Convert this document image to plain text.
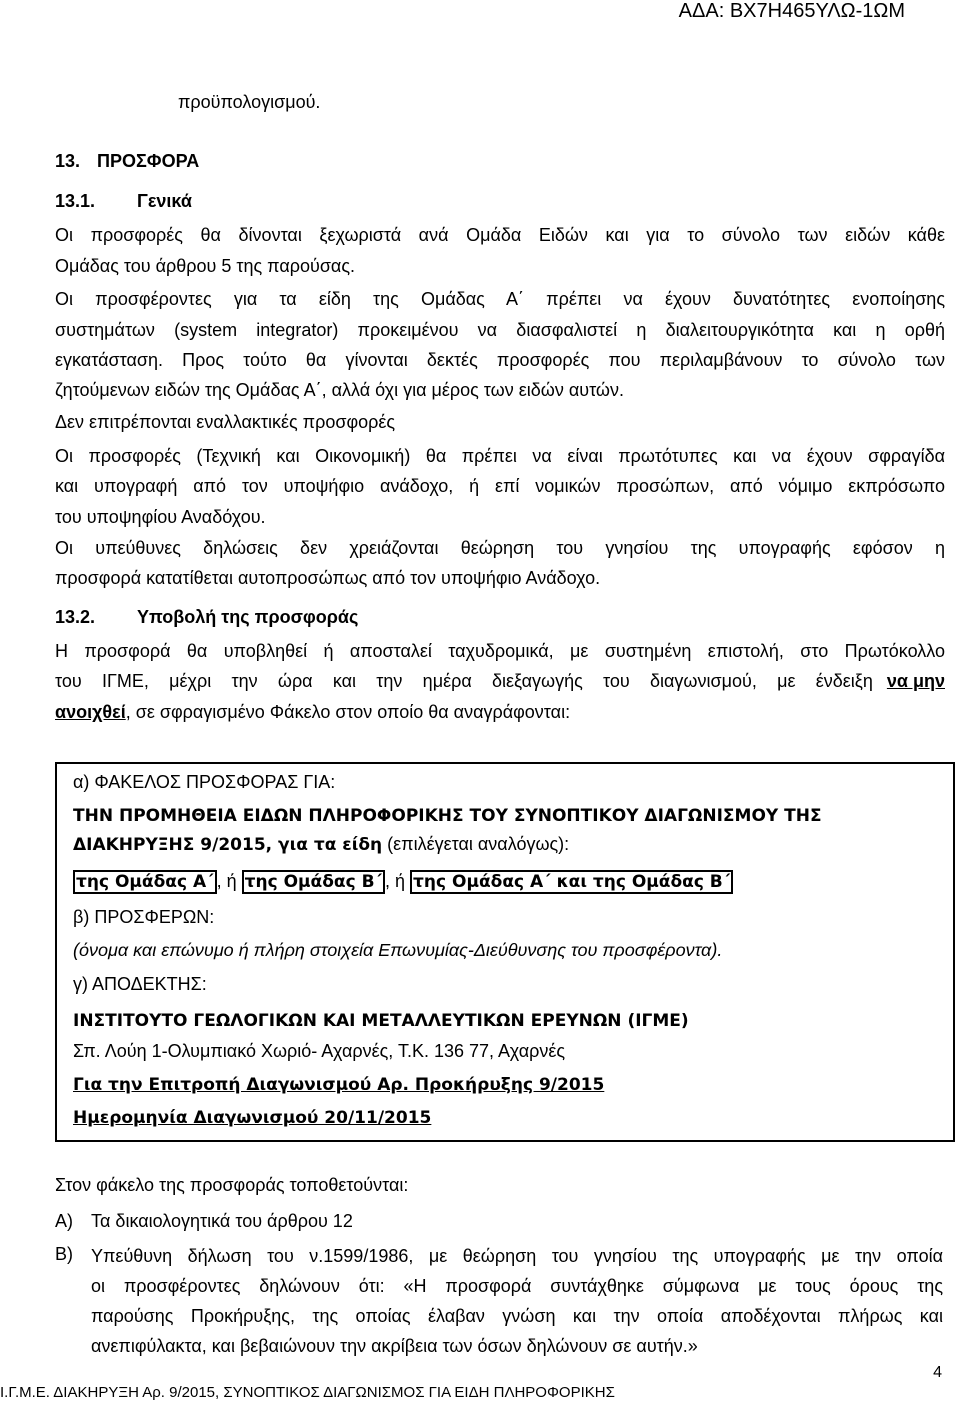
ΑΔΑ: ΒΧ7Η465ΥΛΩ-1ΩΜ
προϋπολογισμού.
13. ΠΡΟΣΦΟΡΑ
13.1. Γενικά
Οι προσφορές θα δίνονται ξεχωριστά ανά Ομάδα Ειδών και για το σύνολο των ειδών κάθε
Ομάδας του άρθρου 5 της παρούσας.
Οι προσφέροντες για τα είδη της Ομάδας Α΄ πρέπει να έχουν δυνατότητες ενοποίησης
συστημάτων (system integrator) προκειμένου να διασφαλιστεί η διαλειτουργικότητα και η ορθή
εγκατάσταση. Προς τούτο θα γίνονται δεκτές προσφορές που περιλαμβάνουν το σύνολο των
ζητούμενων ειδών της Ομάδας Α΄, αλλά όχι για μέρος των ειδών αυτών.
Δεν επιτρέπονται εναλλακτικές προσφορές
Οι προσφορές (Τεχνική και Οικονομική) θα πρέπει να είναι πρωτότυπες και να έχουν σφραγίδα
και υπογραφή από τον υποψήφιο ανάδοχο, ή επί νομικών προσώπων, από νόμιμο εκπρόσωπο
του υποψηφίου Αναδόχου.
Οι υπεύθυνες δηλώσεις δεν χρειάζονται θεώρηση του γνησίου της υπογραφής εφόσον η
προσφορά κατατίθεται αυτοπροσώπως από τον υποψήφιο Ανάδοχο.
13.2. Υποβολή της προσφοράς
Η προσφορά θα υποβληθεί ή αποσταλεί ταχυδρομικά, με συστημένη επιστολή, στο Πρωτόκολλο
του ΙΓΜΕ, μέχρι την ώρα και την ημέρα διεξαγωγής του διαγωνισμού, με ένδειξη να μην
ανοιχθεί, σε σφραγισμένο Φάκελο στον οποίο θα αναγράφονται:
α) ΦΑΚΕΛΟΣ ΠΡΟΣΦΟΡΑΣ ΓΙΑ:
ΤΗΝ ΠΡΟΜΗΘΕΙΑ ΕΙΔΩΝ ΠΛΗΡΟΦΟΡΙΚΗΣ ΤΟΥ ΣΥΝΟΠΤΙΚΟΥ ΔΙΑΓΩΝΙΣΜΟΥ ΤΗΣ
ΔΙΑΚΗΡΥΞΗΣ 9/2015, για τα είδη (επιλέγεται αναλόγως):
της Ομάδας Α΄ , ή της Ομάδας Β΄ , ή της Ομάδας Α΄ και της Ομάδας Β΄
β) ΠΡΟΣΦΕΡΩΝ:
(όνομα και επώνυμο ή πλήρη στοιχεία Επωνυμίας-Διεύθυνσης του προσφέροντα).
γ) ΑΠΟΔΕΚΤΗΣ:
ΙΝΣΤΙΤΟΥΤΟ ΓΕΩΛΟΓΙΚΩΝ ΚΑΙ ΜΕΤΑΛΛΕΥΤΙΚΩΝ ΕΡΕΥΝΩΝ (ΙΓΜΕ)
Σπ. Λούη 1-Ολυμπιακό Χωριό- Αχαρνές, Τ.Κ. 136 77, Αχαρνές
Για την Επιτροπή Διαγωνισμού Αρ. Προκήρυξης 9/2015
Ημερομηνία Διαγωνισμού 20/11/2015
Στον φάκελο της προσφοράς τοποθετούνται:
Α) Τα δικαιολογητικά του άρθρου 12
Β) Υπεύθυνη δήλωση του ν.1599/1986, με θεώρηση του γνησίου της υπογραφής με την οποία
οι προσφέροντες δηλώνουν ότι: «Η προσφορά συντάχθηκε σύμφωνα με τους όρους της
παρούσης Προκήρυξης, της οποίας έλαβαν γνώση και την οποία αποδέχονται πλήρως και
ανεπιφύλακτα, και βεβαιώνουν την ακρίβεια των όσων δηλώνουν σε αυτήν.»
4
Ι.Γ.Μ.Ε. ΔΙΑΚΗΡΥΞΗ Αρ. 9/2015, ΣΥΝΟΠΤΙΚΟΣ ΔΙΑΓΩΝΙΣΜΟΣ ΓΙΑ ΕΙΔΗ ΠΛΗΡΟΦΟΡΙΚΗΣ
